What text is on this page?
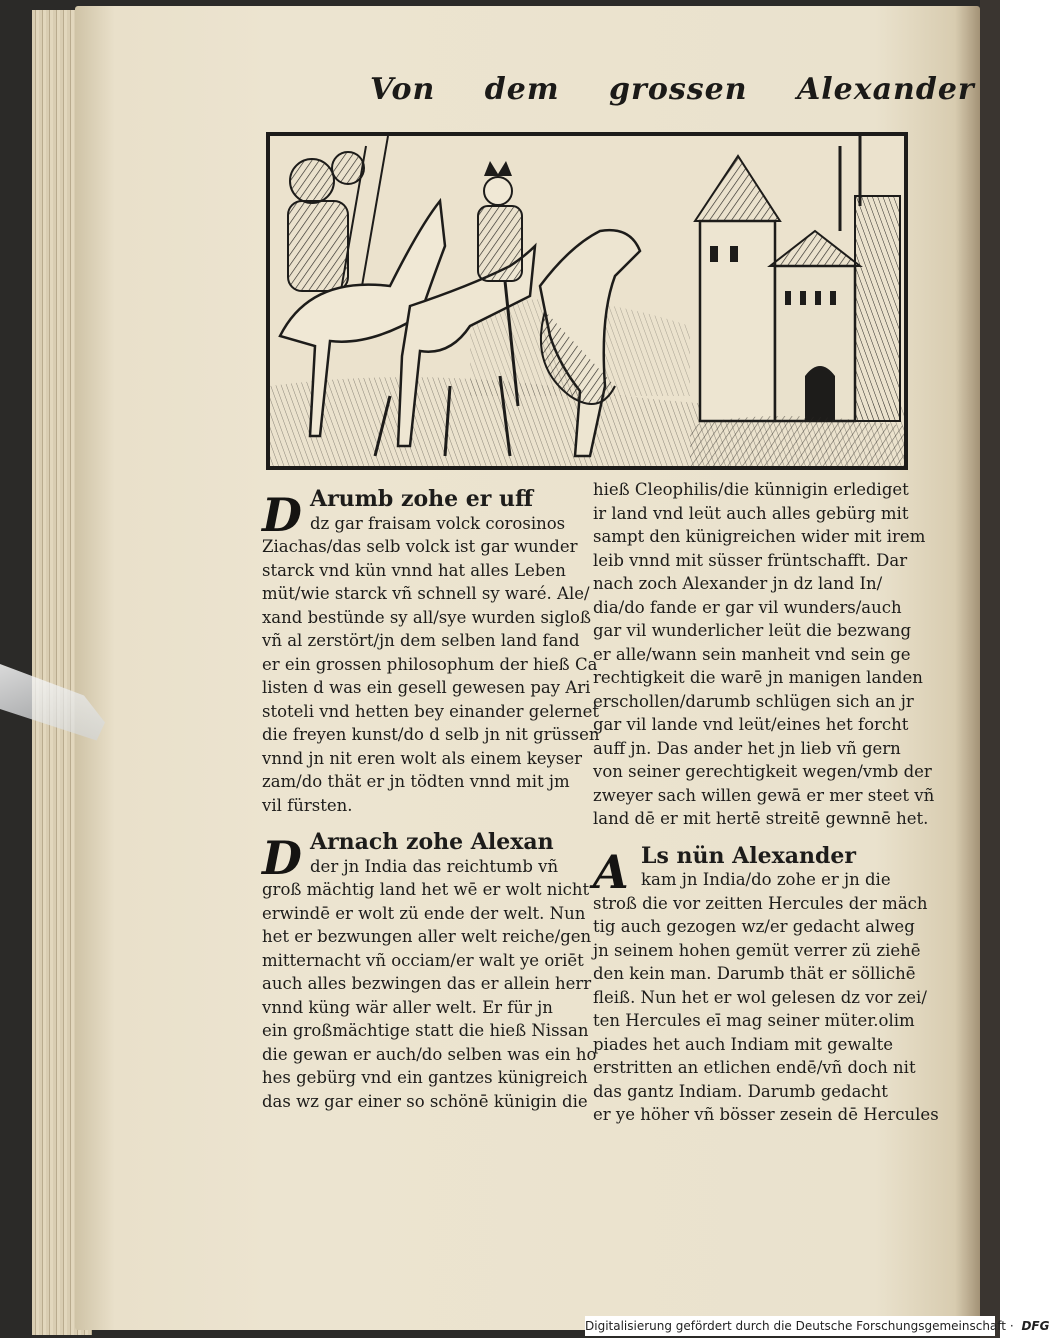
Von dem grossen Alexander
D Arumb zohe er uff
dz gar fraisam volck corosinos
Ziachas/das selb volck ist gar wunder
starck vnd kün vnnd hat alles Leben
müt/wie starck vñ schnell sy waré. Ale/
xand bestünde sy all/sye wurden sigloß
vñ al zerstört/jn dem selben land fand
er ein grossen philosophum der hieß Ca
listen d was ein gesell gewesen pay Ari
stoteli vnd hetten bey einander gelernet
die freyen kunst/do d selb jn nit grüssen
vnnd jn nit eren wolt als einem keyser
zam/do thät er jn tödten vnnd mit jm
vil fürsten.
D Arnach zohe Alexan
der jn India das reichtumb vñ
groß mächtig land het wē er wolt nicht
erwindē er wolt zü ende der welt. Nun
het er bezwungen aller welt reiche/gen
mitternacht vñ occiam/er walt ye oriēt
auch alles bezwingen das er allein herr
vnnd küng wär aller welt. Er für jn
ein großmächtige statt die hieß Nissan
die gewan er auch/do selben was ein ho
hes gebürg vnd ein gantzes künigreich
das wz gar einer so schönē künigin die
hieß Cleophilis/die künnigin erlediget
ir land vnd leüt auch alles gebürg mit
sampt den künigreichen wider mit irem
leib vnnd mit süsser früntschafft. Dar
nach zoch Alexander jn dz land In/
dia/do fande er gar vil wunders/auch
gar vil wunderlicher leüt die bezwang
er alle/wann sein manheit vnd sein ge
rechtigkeit die warē jn manigen landen
erschollen/darumb schlügen sich an jr
gar vil lande vnd leüt/eines het forcht
auff jn. Das ander het jn lieb vñ gern
von seiner gerechtigkeit wegen/vmb der
zweyer sach willen gewā er mer steet vñ
land dē er mit hertē streitē gewnnē het.
A Ls nün Alexander
kam jn India/do zohe er jn die
stroß die vor zeitten Hercules der mäch
tig auch gezogen wz/er gedacht alweg
jn seinem hohen gemüt verrer zü ziehē
den kein man. Darumb thät er söllichē
fleiß. Nun het er wol gelesen dz vor zei/
ten Hercules eī mag seiner müter.olim
piades het auch Indiam mit gewalte
erstritten an etlichen endē/vñ doch nit
das gantz Indiam. Darumb gedacht
er ye höher vñ bösser zesein dē Hercules
Digitalisierung gefördert durch die Deutsche Forschungsgemeinschaft · DFG
